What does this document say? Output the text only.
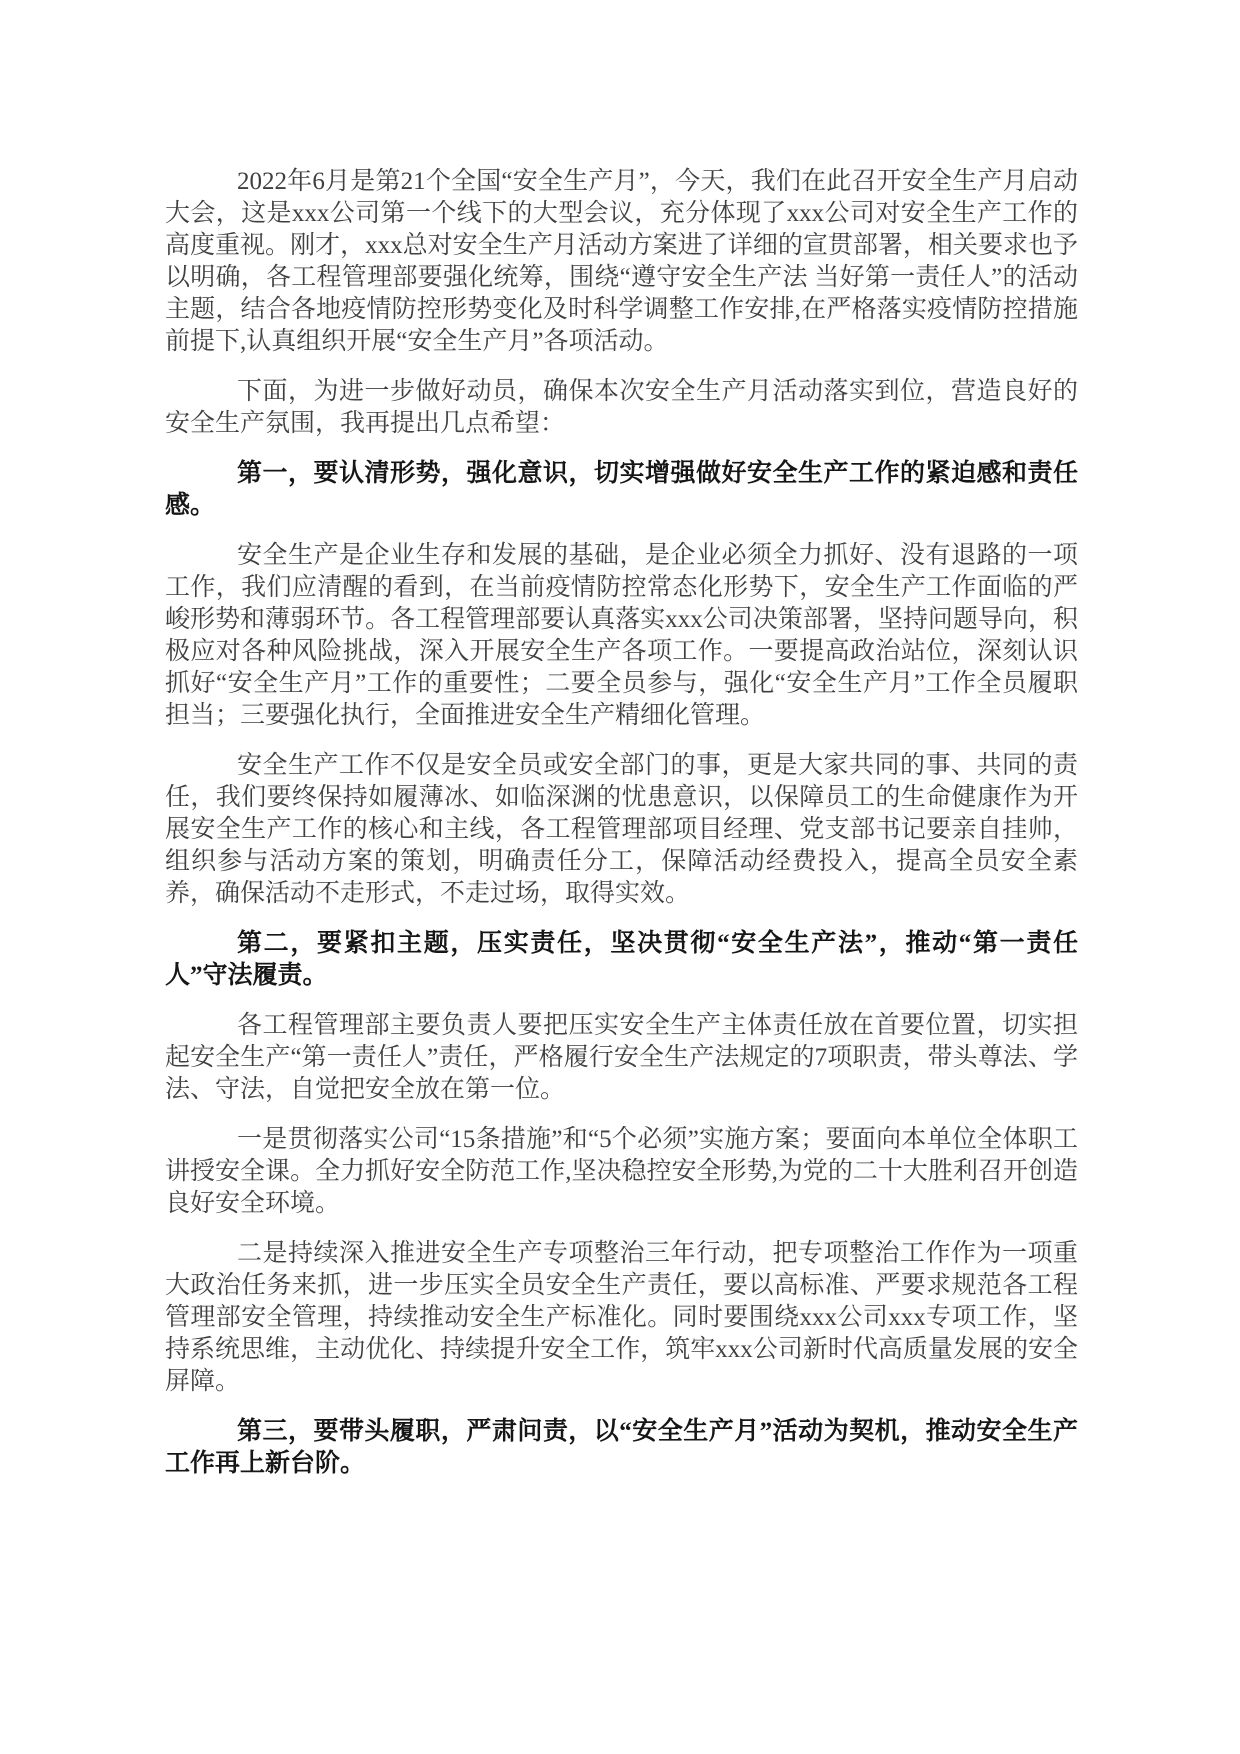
2022年6月是第21个全国“安全生产月”，今天，我们在此召开安全生产月启动大会，这是xxx公司第一个线下的大型会议，充分体现了xxx公司对安全生产工作的高度重视。刚才，xxx总对安全生产月活动方案进了详细的宣贯部署，相关要求也予以明确，各工程管理部要强化统筹，围绕“遵守安全生产法 当好第一责任人”的活动主题，结合各地疫情防控形势变化及时科学调整工作安排,在严格落实疫情防控措施前提下,认真组织开展“安全生产月”各项活动。

下面，为进一步做好动员，确保本次安全生产月活动落实到位，营造良好的安全生产氛围，我再提出几点希望：

第一，要认清形势，强化意识，切实增强做好安全生产工作的紧迫感和责任感。

安全生产是企业生存和发展的基础，是企业必须全力抓好、没有退路的一项工作，我们应清醒的看到，在当前疫情防控常态化形势下，安全生产工作面临的严峻形势和薄弱环节。各工程管理部要认真落实xxx公司决策部署，坚持问题导向，积极应对各种风险挑战，深入开展安全生产各项工作。一要提高政治站位，深刻认识抓好“安全生产月”工作的重要性；二要全员参与，强化“安全生产月”工作全员履职担当；三要强化执行，全面推进安全生产精细化管理。

安全生产工作不仅是安全员或安全部门的事，更是大家共同的事、共同的责任，我们要终保持如履薄冰、如临深渊的忧患意识，以保障员工的生命健康作为开展安全生产工作的核心和主线，各工程管理部项目经理、党支部书记要亲自挂帅，组织参与活动方案的策划，明确责任分工，保障活动经费投入，提高全员安全素养，确保活动不走形式，不走过场，取得实效。

第二，要紧扣主题，压实责任，坚决贯彻“安全生产法”，推动“第一责任人”守法履责。

各工程管理部主要负责人要把压实安全生产主体责任放在首要位置，切实担起安全生产“第一责任人”责任，严格履行安全生产法规定的7项职责，带头尊法、学法、守法，自觉把安全放在第一位。

一是贯彻落实公司“15条措施”和“5个必须”实施方案；要面向本单位全体职工讲授安全课。全力抓好安全防范工作,坚决稳控安全形势,为党的二十大胜利召开创造良好安全环境。

二是持续深入推进安全生产专项整治三年行动，把专项整治工作作为一项重大政治任务来抓，进一步压实全员安全生产责任，要以高标准、严要求规范各工程管理部安全管理，持续推动安全生产标准化。同时要围绕xxx公司xxx专项工作，坚持系统思维，主动优化、持续提升安全工作，筑牢xxx公司新时代高质量发展的安全屏障。

第三，要带头履职，严肃问责，以“安全生产月”活动为契机，推动安全生产工作再上新台阶。
